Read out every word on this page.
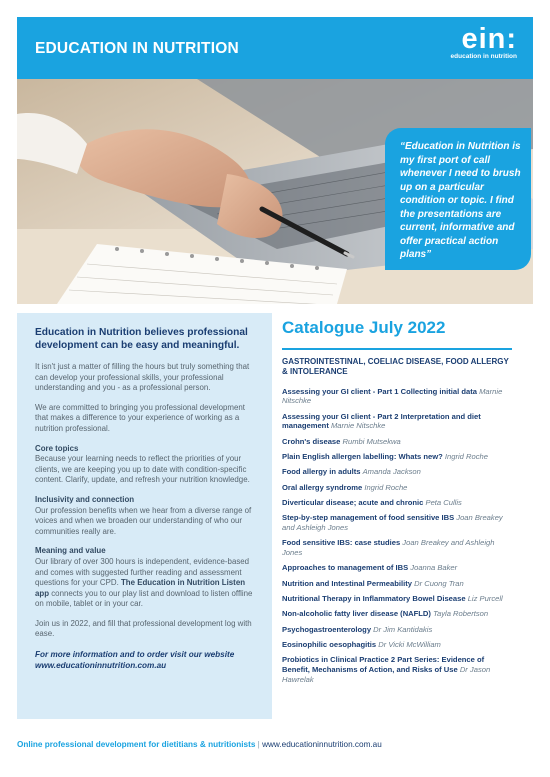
EDUCATION IN NUTRITION	ein:
education in nutrition
“Education in Nutrition is my first port of call whenever I need to brush up on a particular condition or topic. I find the presentations are current, informative and offer practical action plans”
Education in Nutrition believes professional development can be easy and meaningful.
It isn't just a matter of filling the hours but truly something that can develop your professional skills, your professional understanding and you - as a professional person.
We are committed to bringing you professional development that makes a difference to your experience of working as a nutrition professional.
Core topics
Because your learning needs to reflect the priorities of your clients, we are keeping you up to date with condition-specific content. Clarify, update, and refresh your nutrition knowledge.
Inclusivity and connection
Our profession benefits when we hear from a diverse range of voices and when we broaden our understanding of who our communities really are.
Meaning and value
Our library of over 300 hours is independent, evidence-based and comes with suggested further reading and assessment questions for your CPD. The Education in Nutrition Listen app connects you to our play list and download to listen offline on mobile, tablet or in your car.
Join us in 2022, and fill that professional development log with ease.
For more information and to order visit our website www.educationinnutrition.com.au
Catalogue July 2022
GASTROINTESTINAL, COELIAC DISEASE, FOOD ALLERGY & INTOLERANCE
Assessing your GI client - Part 1 Collecting initial data Marnie Nitschke
Assessing your GI client - Part 2 Interpretation and diet management Marnie Nitschke
Crohn's disease Rumbi Mutsekwa
Plain English allergen labelling: Whats new? Ingrid Roche
Food allergy in adults Amanda Jackson
Oral allergy syndrome Ingrid Roche
Diverticular disease; acute and chronic Peta Cullis
Step-by-step management of food sensitive IBS Joan Breakey and Ashleigh Jones
Food sensitive IBS: case studies Joan Breakey and Ashleigh Jones
Approaches to management of IBS Joanna Baker
Nutrition and Intestinal Permeability Dr Cuong Tran
Nutritional Therapy in Inflammatory Bowel Disease Liz Purcell
Non-alcoholic fatty liver disease (NAFLD) Tayla Robertson
Psychogastroenterology Dr Jim Kantidakis
Eosinophilic oesophagitis Dr Vicki McWilliam
Probiotics in Clinical Practice 2 Part Series: Evidence of Benefit, Mechanisms of Action, and Risks of Use Dr Jason Hawrelak
Online professional development for dietitians & nutritionists | www.educationinnutrition.com.au
